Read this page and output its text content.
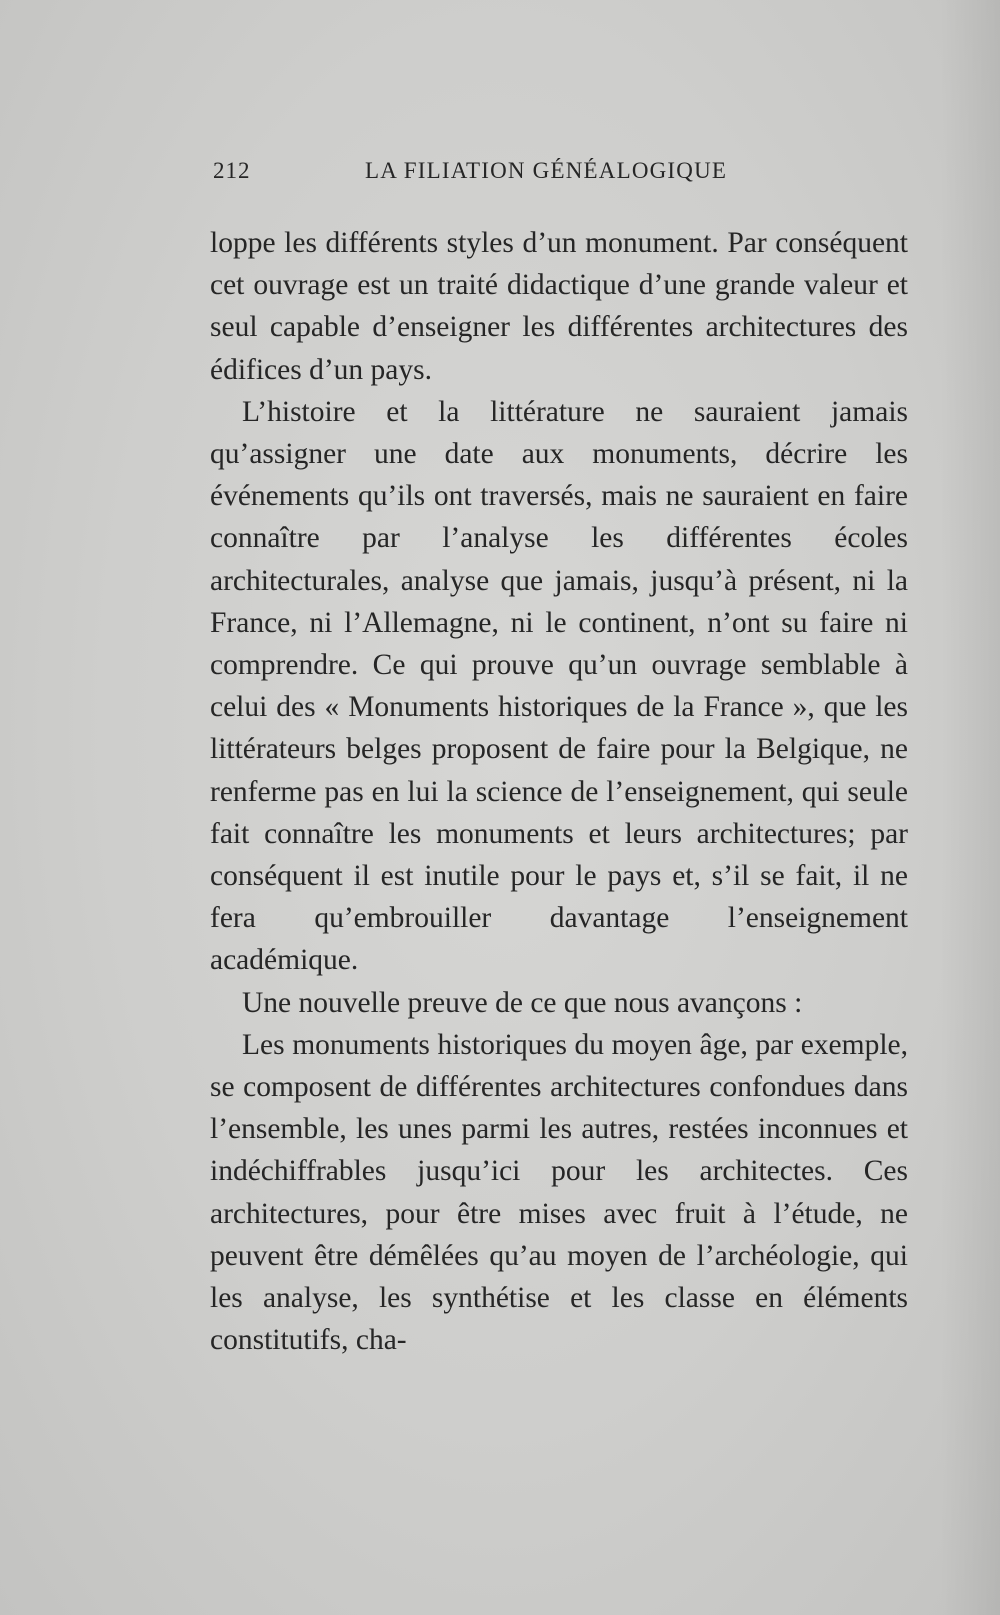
212	LA FILIATION GÉNÉALOGIQUE

loppe les différents styles d’un monument. Par conséquent cet ouvrage est un traité didactique d’une grande valeur et seul capable d’enseigner les différentes architectures des édifices d’un pays.

L’histoire et la littérature ne sauraient jamais qu’assigner une date aux monuments, décrire les événements qu’ils ont traversés, mais ne sauraient en faire connaître par l’analyse les différentes écoles architecturales, analyse que jamais, jusqu’à présent, ni la France, ni l’Allemagne, ni le continent, n’ont su faire ni comprendre. Ce qui prouve qu’un ouvrage semblable à celui des « Monuments historiques de la France », que les littérateurs belges proposent de faire pour la Belgique, ne renferme pas en lui la science de l’enseignement, qui seule fait connaître les monuments et leurs architectures; par conséquent il est inutile pour le pays et, s’il se fait, il ne fera qu’embrouiller davantage l’enseignement académique.

Une nouvelle preuve de ce que nous avançons :

Les monuments historiques du moyen âge, par exemple, se composent de différentes architectures confondues dans l’ensemble, les unes parmi les autres, restées inconnues et indéchiffrables jusqu’ici pour les architectes. Ces architectures, pour être mises avec fruit à l’étude, ne peuvent être démêlées qu’au moyen de l’archéologie, qui les analyse, les synthétise et les classe en éléments constitutifs, cha-
